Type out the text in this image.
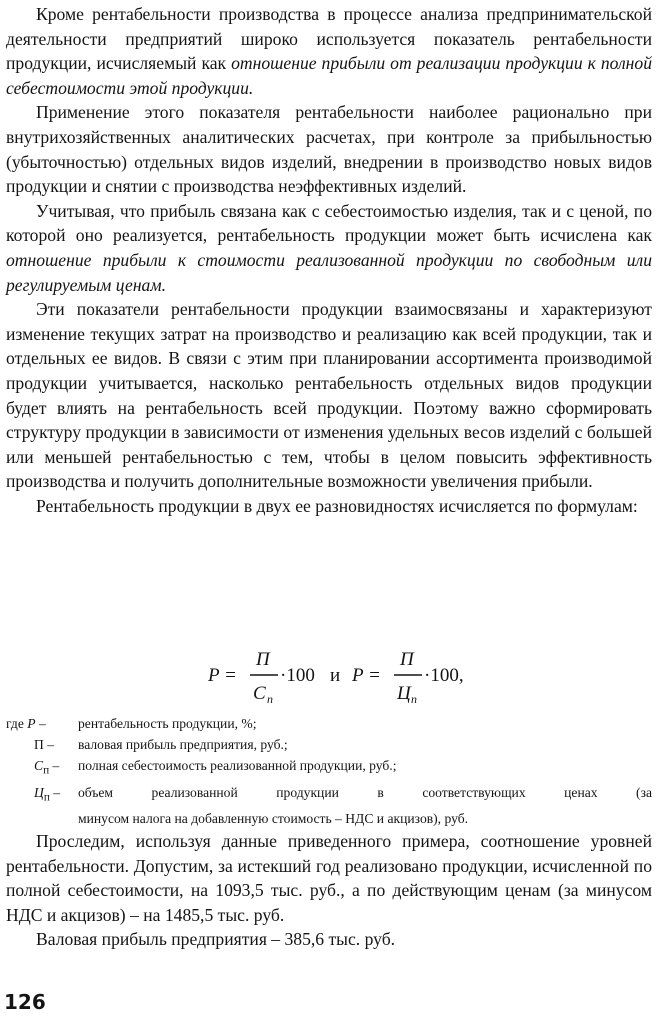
Кроме рентабельности производства в процессе анализа предпринимательской деятельности предприятий широко используется показатель рентабельности продукции, исчисляемый как отношение прибыли от реализации продукции к полной себестоимости этой продукции.

Применение этого показателя рентабельности наиболее рационально при внутрихозяйственных аналитических расчетах, при контроле за прибыльностью (убыточностью) отдельных видов изделий, внедрении в производство новых видов продукции и снятии с производства неэффективных изделий.

Учитывая, что прибыль связана как с себестоимостью изделия, так и с ценой, по которой оно реализуется, рентабельность продукции может быть исчислена как отношение прибыли к стоимости реализованной продукции по свободным или регулируемым ценам.

Эти показатели рентабельности продукции взаимосвязаны и характеризуют изменение текущих затрат на производство и реализацию как всей продукции, так и отдельных ее видов. В связи с этим при планировании ассортимента производимой продукции учитывается, насколько рентабельность отдельных видов продукции будет влиять на рентабельность всей продукции. Поэтому важно сформировать структуру продукции в зависимости от изменения удельных весов изделий с большей или меньшей рентабельностью с тем, чтобы в целом повысить эффективность производства и получить дополнительные возможности увеличения прибыли.

Рентабельность продукции в двух ее разновидностях исчисляется по формулам:

P =
П
С п
·100 и P =
П
Ц п
·100,
где P –	рентабельность продукции, %;
П –	валовая прибыль предприятия, руб.;
$С_п$ –	полная себестоимость реализованной продукции, руб.;
$Ц_п$ –	объем реализованной продукции в соответствующих ценах (за
минусом налога на добавленную стоимость – НДС и акцизов), руб.

Проследим, используя данные приведенного примера, соотношение уровней рентабельности. Допустим, за истекший год реализовано продукции, исчисленной по полной себестоимости, на 1093,5 тыс. руб., а по действующим ценам (за минусом НДС и акцизов) – на 1485,5 тыс. руб.

Валовая прибыль предприятия – 385,6 тыс. руб.

126
